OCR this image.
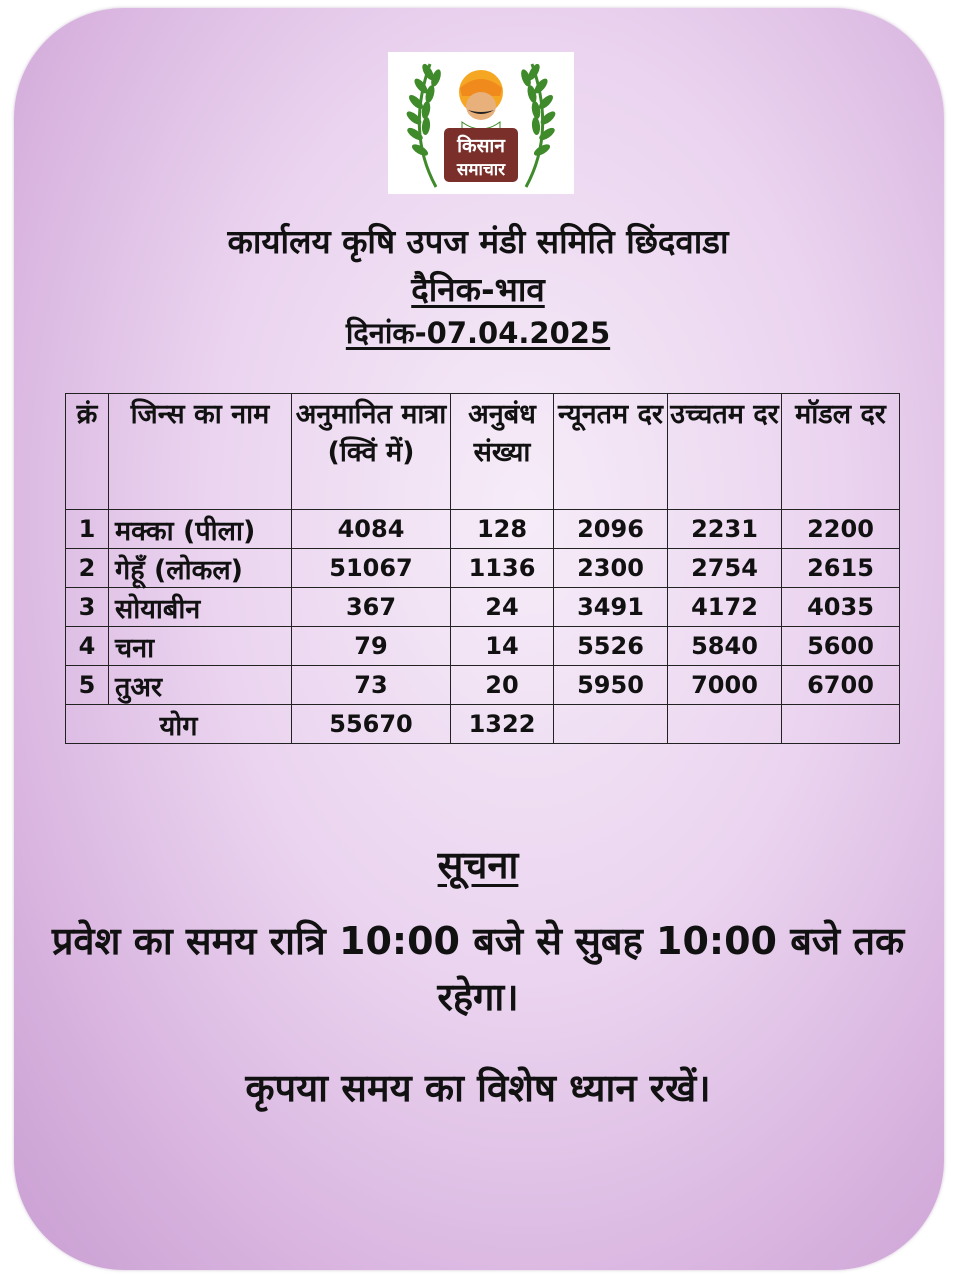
किसान
समाचार
कार्यालय कृषि उपज मंडी समिति छिंदवाडा
दैनिक-भाव
दिनांक-07.04.2025
क्रं	जिन्स का नाम	अनुमानित मात्रा (क्विं में)	अनुबंध संख्या	न्यूनतम दर	उच्चतम दर	मॉडल दर
1	मक्का (पीला)	4084	128	2096	2231	2200
2	गेहूँ (लोकल)	51067	1136	2300	2754	2615
3	सोयाबीन	367	24	3491	4172	4035
4	चना	79	14	5526	5840	5600
5	तुअर	73	20	5950	7000	6700
योग		55670	1322			
सूचना
प्रवेश का समय रात्रि 10:00 बजे से सुबह 10:00 बजे तक रहेगा।
कृपया समय का विशेष ध्यान रखें।
